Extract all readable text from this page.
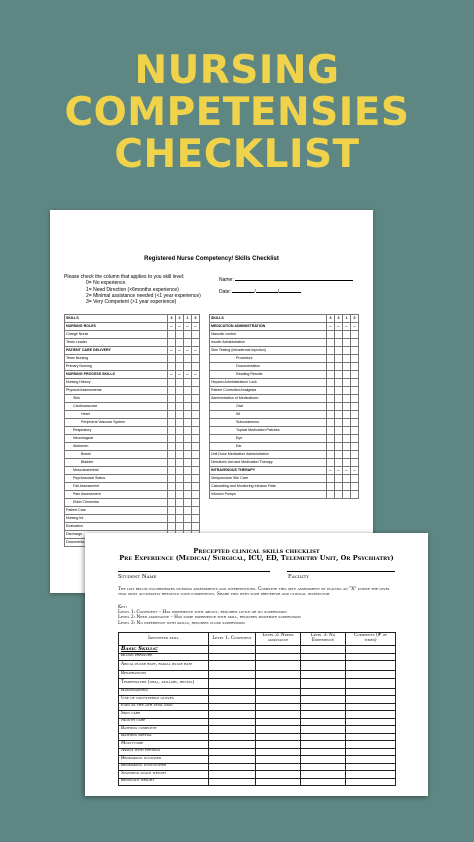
NURSING
COMPETENSIES
CHECKLIST
Registered Nurse Competency/ Skills Checklist
Please check the column that applies to you skill level:
0= No experience.
1= Need Direction (<6months experience)
2= Minimal assistance needed (<1 year experience)
3= Very Competent (>1 year experience)
Name:
Date:	/	/
SKILLS	3	2	1	0
NURSING ROLES	--	--	--	--
Charge Nurse				
Team Leader				
PATIENT CARE DELIVERY	--	--	--	--
Team Nursing				
Primary Nursing				
NURSING PROCESS SKILLS	--	--	--	--
Nursing History				
Physical Assessments				
Skin				
Cardiovascular				
Heart				
Peripheral Vascular System				
Respiratory				
Neurological				
Abdomen				
Bowel				
Bladder				
Musculoskeletal				
Psychosocial Status				
Fall Assessment				
Pain Assessment				
Elder/ Dementia				
Patient Care				
Nursing Int				
Evaluation				
Discharge				
Documenta				
SKILLS	3	2	1	0
MEDICATION ADMINISTRATION	--	--	--	--
Narcotic control				
Insulin Administration				
Skin Testing (intradermal injection)				
Procedure				
Documentation				
Reading Results				
Heparin Administration/ Lock				
Patient Controlled Analgesia				
Administration of Medications:				
Oral				
IM				
Subcutaneous				
Topical Medication Patches				
Eye				
Ear				
Unit Dose Medication Administration				
Nebulizer/ Aerosol Medication Therapy				
INTRAVENOUS THERAPY	--	--	--	--
Venipuncture Site Care				
Calculating and Monitoring Infusion Rate				
Infusion Pumps				
Precepted clinical skills checklist
Pre Experience (Medical/ Surgical, ICU, ED, Telemetry Unit, Or Psychiatry)
Student Name	Facility
The list below incorporates nursing assessments and interventions. Complete this self assessment by placing an "X" under the level that most accurately reflects your competency. Share this with your preceptor and clinical instructor.
Key:
Level 1: Confident – Has experience with ability, requires little or no supervision
Level 2: Need assistance – Has some experience with skill, requires moderate supervision
Level 3: No experience with skills, requires close supervision
Identified skill	Level 1: Confident	Level 2: Needs assistance	Level 3: No Experience	Comments (# of times)
Basic Skills:				
Blood pressure				
Apical pulse rate, radial pulse rate				
Respirations				
Temperature (oral, axillary, rectal)				
Handwashing				
Use of non-sterile gloves				
Pain as the 5th vital sign				
Skin care				
Mouth care				
Bathing complete				
Bathing partial				
Multi-care				
Assist with feeding				
Bedmaking occupied				
Bedmaking unoccupied				
Standing scale weight				
Bedscale weight				
